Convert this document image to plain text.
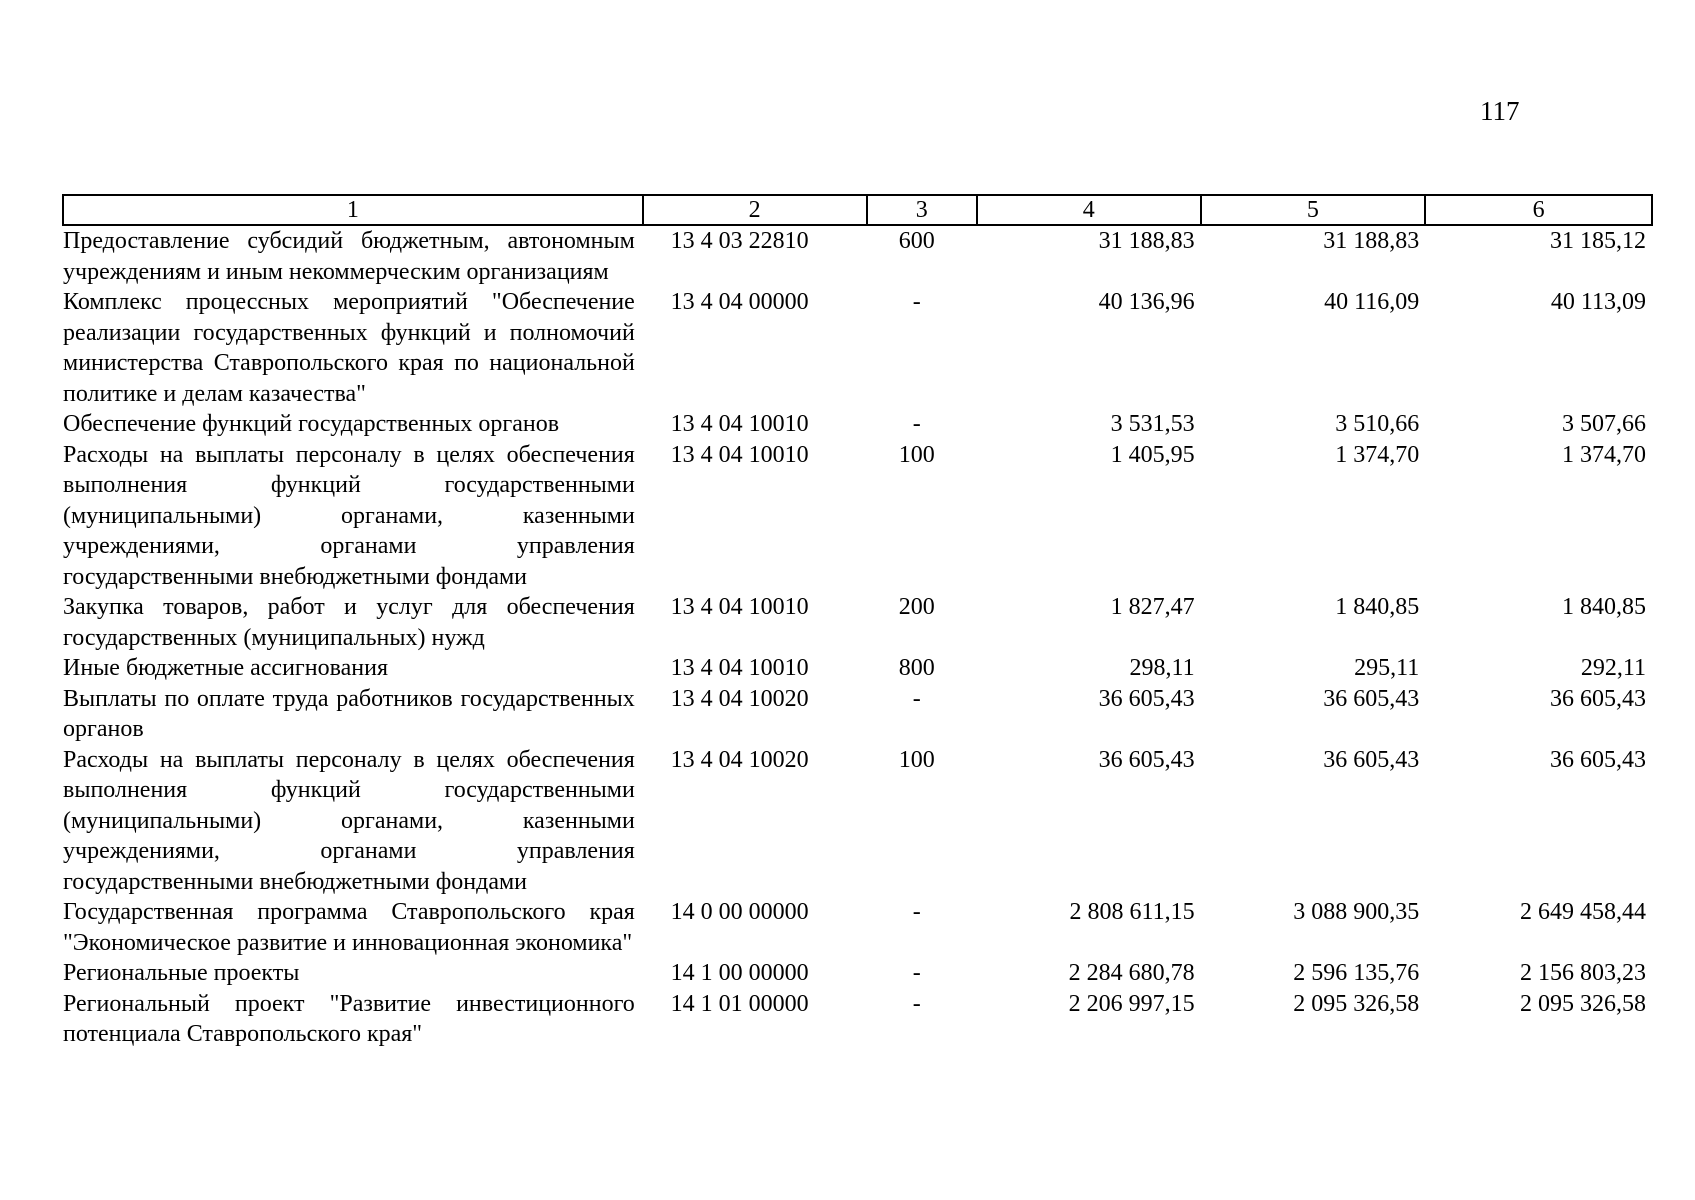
117
1	2	3	4	5	6
Предоставление субсидий бюджетным, автономным учреждениям и иным некоммерческим организациям	13 4 03 22810	600	31 188,83	31 188,83	31 185,12
Комплекс процессных мероприятий "Обеспечение реализации государственных функций и полномочий министерства Ставропольского края по национальной политике и делам казачества"	13 4 04 00000	-	40 136,96	40 116,09	40 113,09
Обеспечение функций государственных органов	13 4 04 10010	-	3 531,53	3 510,66	3 507,66
Расходы на выплаты персоналу в целях обеспечения выполнения функций государственными (муниципальными) органами, казенными учреждениями, органами управления государственными внебюджетными фондами	13 4 04 10010	100	1 405,95	1 374,70	1 374,70
Закупка товаров, работ и услуг для обеспечения государственных (муниципальных) нужд	13 4 04 10010	200	1 827,47	1 840,85	1 840,85
Иные бюджетные ассигнования	13 4 04 10010	800	298,11	295,11	292,11
Выплаты по оплате труда работников государственных органов	13 4 04 10020	-	36 605,43	36 605,43	36 605,43
Расходы на выплаты персоналу в целях обеспечения выполнения функций государственными (муниципальными) органами, казенными учреждениями, органами управления государственными внебюджетными фондами	13 4 04 10020	100	36 605,43	36 605,43	36 605,43
Государственная программа Ставропольского края "Экономическое развитие и инновационная экономика"	14 0 00 00000	-	2 808 611,15	3 088 900,35	2 649 458,44
Региональные проекты	14 1 00 00000	-	2 284 680,78	2 596 135,76	2 156 803,23
Региональный проект "Развитие инвестиционного потенциала Ставропольского края"	14 1 01 00000	-	2 206 997,15	2 095 326,58	2 095 326,58
